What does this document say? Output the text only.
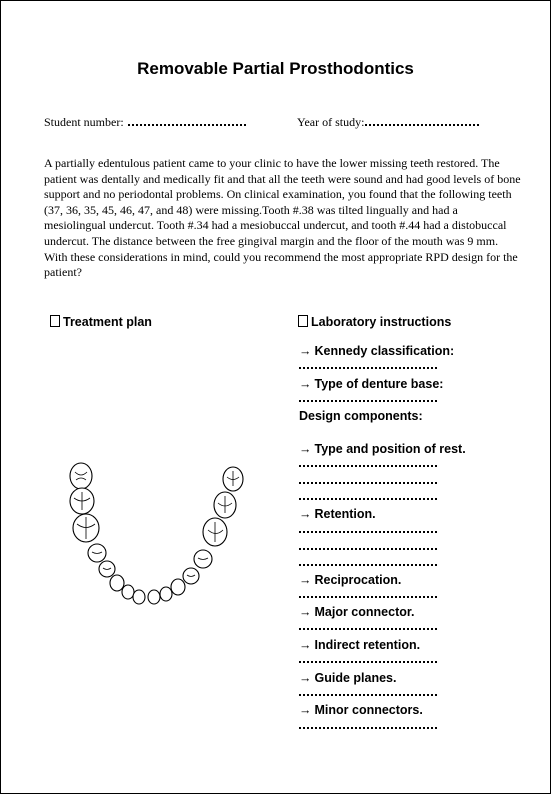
Removable Partial Prosthodontics
Student number:	Year of study:
A partially edentulous patient came to your clinic to have the lower missing teeth restored. The patient was dentally and medically fit and that all the teeth were sound and had good levels of bone support and no periodontal problems. On clinical examination, you found that the following teeth (37, 36, 35, 45, 46, 47, and 48) were missing.Tooth #.38 was tilted lingually and had a mesiolingual undercut. Tooth #.34 had a mesiobuccal undercut, and tooth #.44 had a distobuccal undercut. The distance between the free gingival margin and the floor of the mouth was 9 mm. With these considerations in mind, could you recommend the most appropriate RPD design for the patient?
Treatment plan	Laboratory instructions
→ Kennedy classification:
→ Type of denture base:
Design components:
→ Type and position of rest.
→ Retention.
→ Reciprocation.
→ Major connector.
→ Indirect retention.
→ Guide planes.
→ Minor connectors.
